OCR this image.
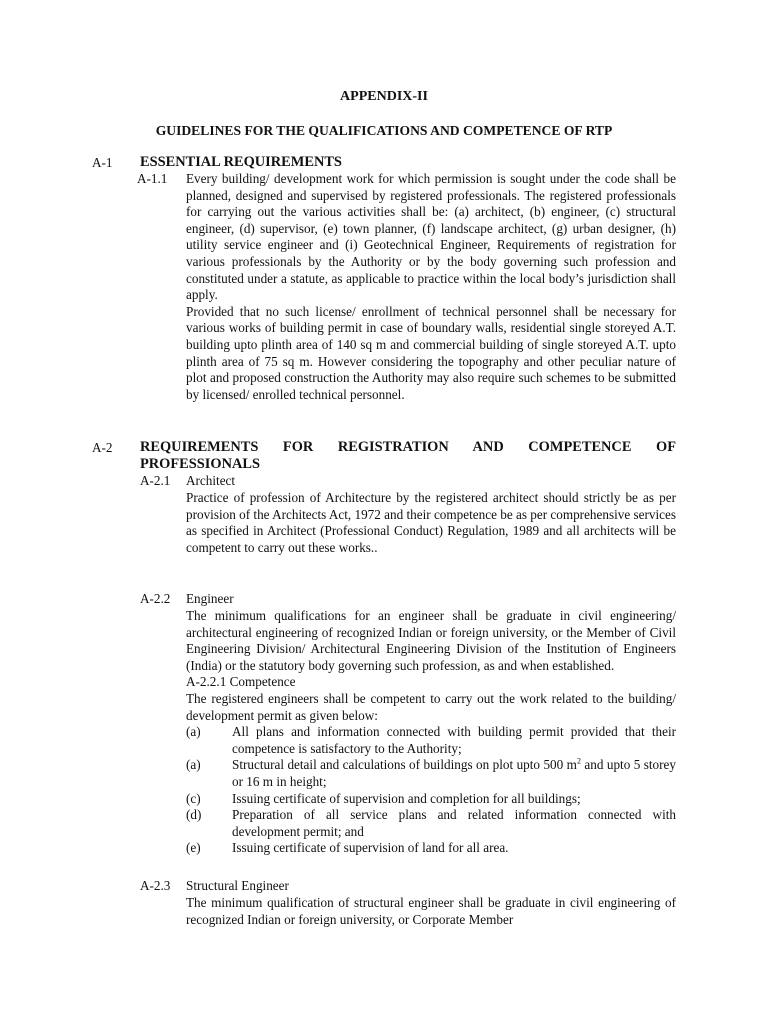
APPENDIX-II
GUIDELINES FOR THE QUALIFICATIONS AND COMPETENCE OF RTP
A-1 ESSENTIAL REQUIREMENTS
A-1.1 Every building/ development work for which permission is sought under the code shall be planned, designed and supervised by registered professionals. The registered professionals for carrying out the various activities shall be: (a) architect, (b) engineer, (c) structural engineer, (d) supervisor, (e) town planner, (f) landscape architect, (g) urban designer, (h) utility service engineer and (i) Geotechnical Engineer, Requirements of registration for various professionals by the Authority or by the body governing such profession and constituted under a statute, as applicable to practice within the local body’s jurisdiction shall apply.

Provided that no such license/ enrollment of technical personnel shall be necessary for various works of building permit in case of boundary walls, residential single storeyed A.T. building upto plinth area of 140 sq m and commercial building of single storeyed A.T. upto plinth area of 75 sq m. However considering the topography and other peculiar nature of plot and proposed construction the Authority may also require such schemes to be submitted by licensed/ enrolled technical personnel.

A-2 REQUIREMENTS    FOR    REGISTRATION    AND    COMPETENCE    OF
PROFESSIONALS
A-2.1 Architect
Practice of profession of Architecture by the registered architect should strictly be as per provision of the Architects Act, 1972 and their competence be as per comprehensive services as specified in Architect (Professional Conduct) Regulation, 1989 and all architects will be competent to carry out these works..
A-2.2 Engineer

The minimum qualifications for an engineer shall be graduate in civil engineering/ architectural engineering of recognized Indian or foreign university, or the Member of Civil Engineering Division/ Architectural Engineering Division of the Institution of Engineers (India) or the statutory body governing such profession, as and when established.

A-2.2.1 Competence

The registered engineers shall be competent to carry out the work related to the building/ development permit as given below:

(a)	All plans and information connected with building permit provided that their competence is satisfactory to the Authority;
(a)	Structural detail and calculations of buildings on plot upto 500 $m^2$ and upto 5 storey or 16 m in height;
(c)	Issuing certificate of supervision and completion for all buildings;
(d)	Preparation of all service plans and related information connected with development permit; and
(e)	Issuing certificate of supervision of land for all area.
A-2.3 Structural Engineer
The minimum qualification of structural engineer shall be graduate in civil engineering of recognized Indian or foreign university, or Corporate Member
